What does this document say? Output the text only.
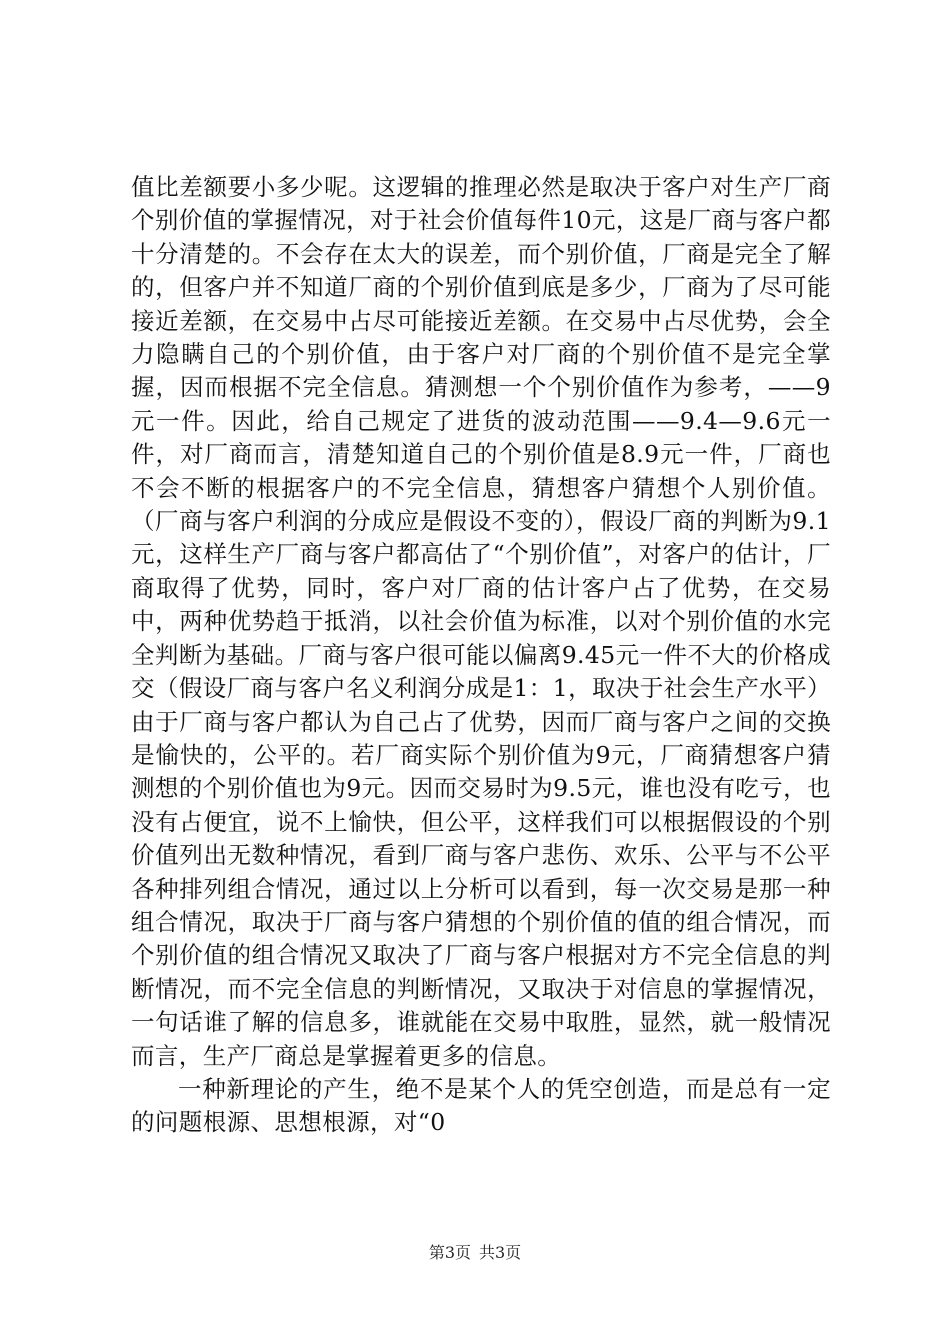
值比差额要小多少呢。这逻辑的推理必然是取决于客户对生产厂商个别价值的掌握情况，对于社会价值每件10元，这是厂商与客户都十分清楚的。不会存在太大的误差，而个别价值，厂商是完全了解的，但客户并不知道厂商的个别价值到底是多少，厂商为了尽可能接近差额，在交易中占尽可能接近差额。在交易中占尽优势，会全力隐瞒自己的个别价值，由于客户对厂商的个别价值不是完全掌握，因而根据不完全信息。猜测想一个个别价值作为参考，——9元一件。因此，给自己规定了进货的波动范围——9.4—9.6元一件，对厂商而言，清楚知道自己的个别价值是8.9元一件，厂商也不会不断的根据客户的不完全信息，猜想客户猜想个人别价值。（厂商与客户利润的分成应是假设不变的），假设厂商的判断为9.1元，这样生产厂商与客户都高估了“个别价值”，对客户的估计，厂商取得了优势，同时，客户对厂商的估计客户占了优势，在交易中，两种优势趋于抵消，以社会价值为标准，以对个别价值的水完全判断为基础。厂商与客户很可能以偏离9.45元一件不大的价格成交（假设厂商与客户名义利润分成是1：1，取决于社会生产水平）由于厂商与客户都认为自己占了优势，因而厂商与客户之间的交换是愉快的，公平的。若厂商实际个别价值为9元，厂商猜想客户猜测想的个别价值也为9元。因而交易时为9.5元，谁也没有吃亏，也没有占便宜，说不上愉快，但公平，这样我们可以根据假设的个别价值列出无数种情况，看到厂商与客户悲伤、欢乐、公平与不公平各种排列组合情况，通过以上分析可以看到，每一次交易是那一种组合情况，取决于厂商与客户猜想的个别价值的值的组合情况，而个别价值的组合情况又取决了厂商与客户根据对方不完全信息的判断情况，而不完全信息的判断情况，又取决于对信息的掌握情况，一句话谁了解的信息多，谁就能在交易中取胜，显然，就一般情况而言，生产厂商总是掌握着更多的信息。

一种新理论的产生，绝不是某个人的凭空创造，而是总有一定的问题根源、思想根源，对“0

第3页 共3页
